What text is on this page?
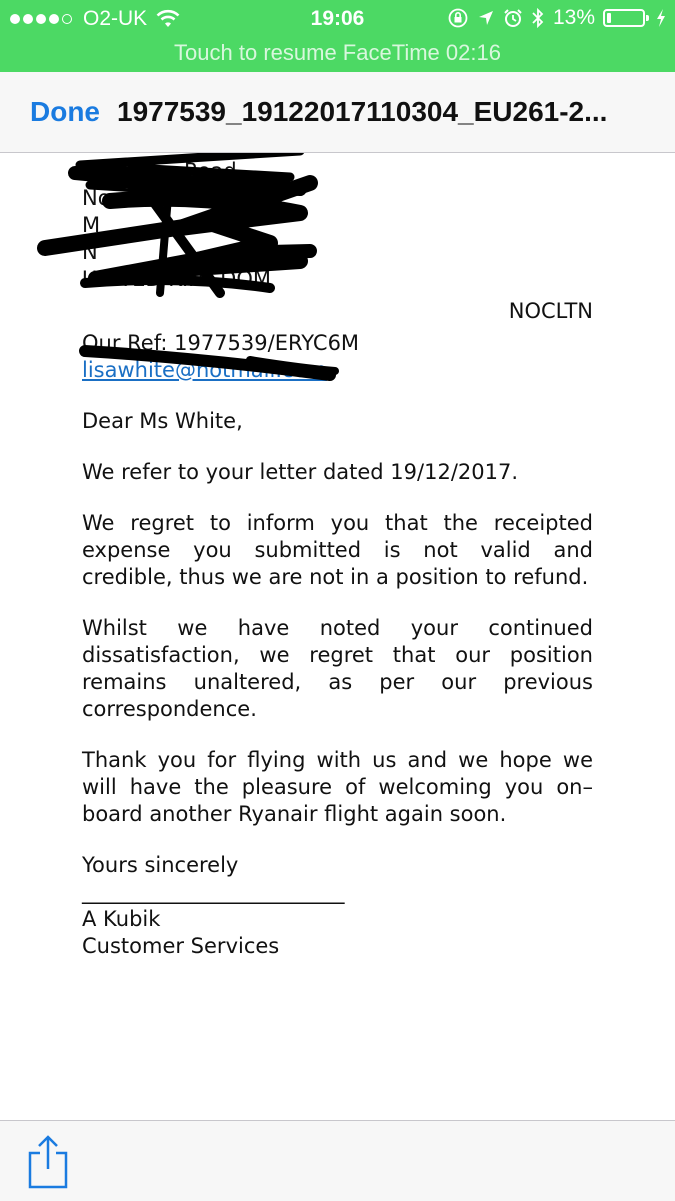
O2-UK	19:06	13%
Touch to resume FaceTime 02:16
Done 1977539_19122017110304_EU261-2...
1 Balfour Road
No
M
N
UNITED KINGDOM
NOCLTN
Our Ref: 1977539/ERYC6M
lisawhite@hotmail.com
Dear Ms White,

We refer to your letter dated 19/12/2017.

We regret to inform you that the receipted expense you submitted is not valid and credible, thus we are not in a position to refund.

Whilst we have noted your continued dissatisfaction, we regret that our position remains unaltered, as per our previous correspondence.

Thank you for flying with us and we hope we will have the pleasure of welcoming you on–board another Ryanair flight again soon.

Yours sincerely
_________________________
A Kubik
Customer Services
